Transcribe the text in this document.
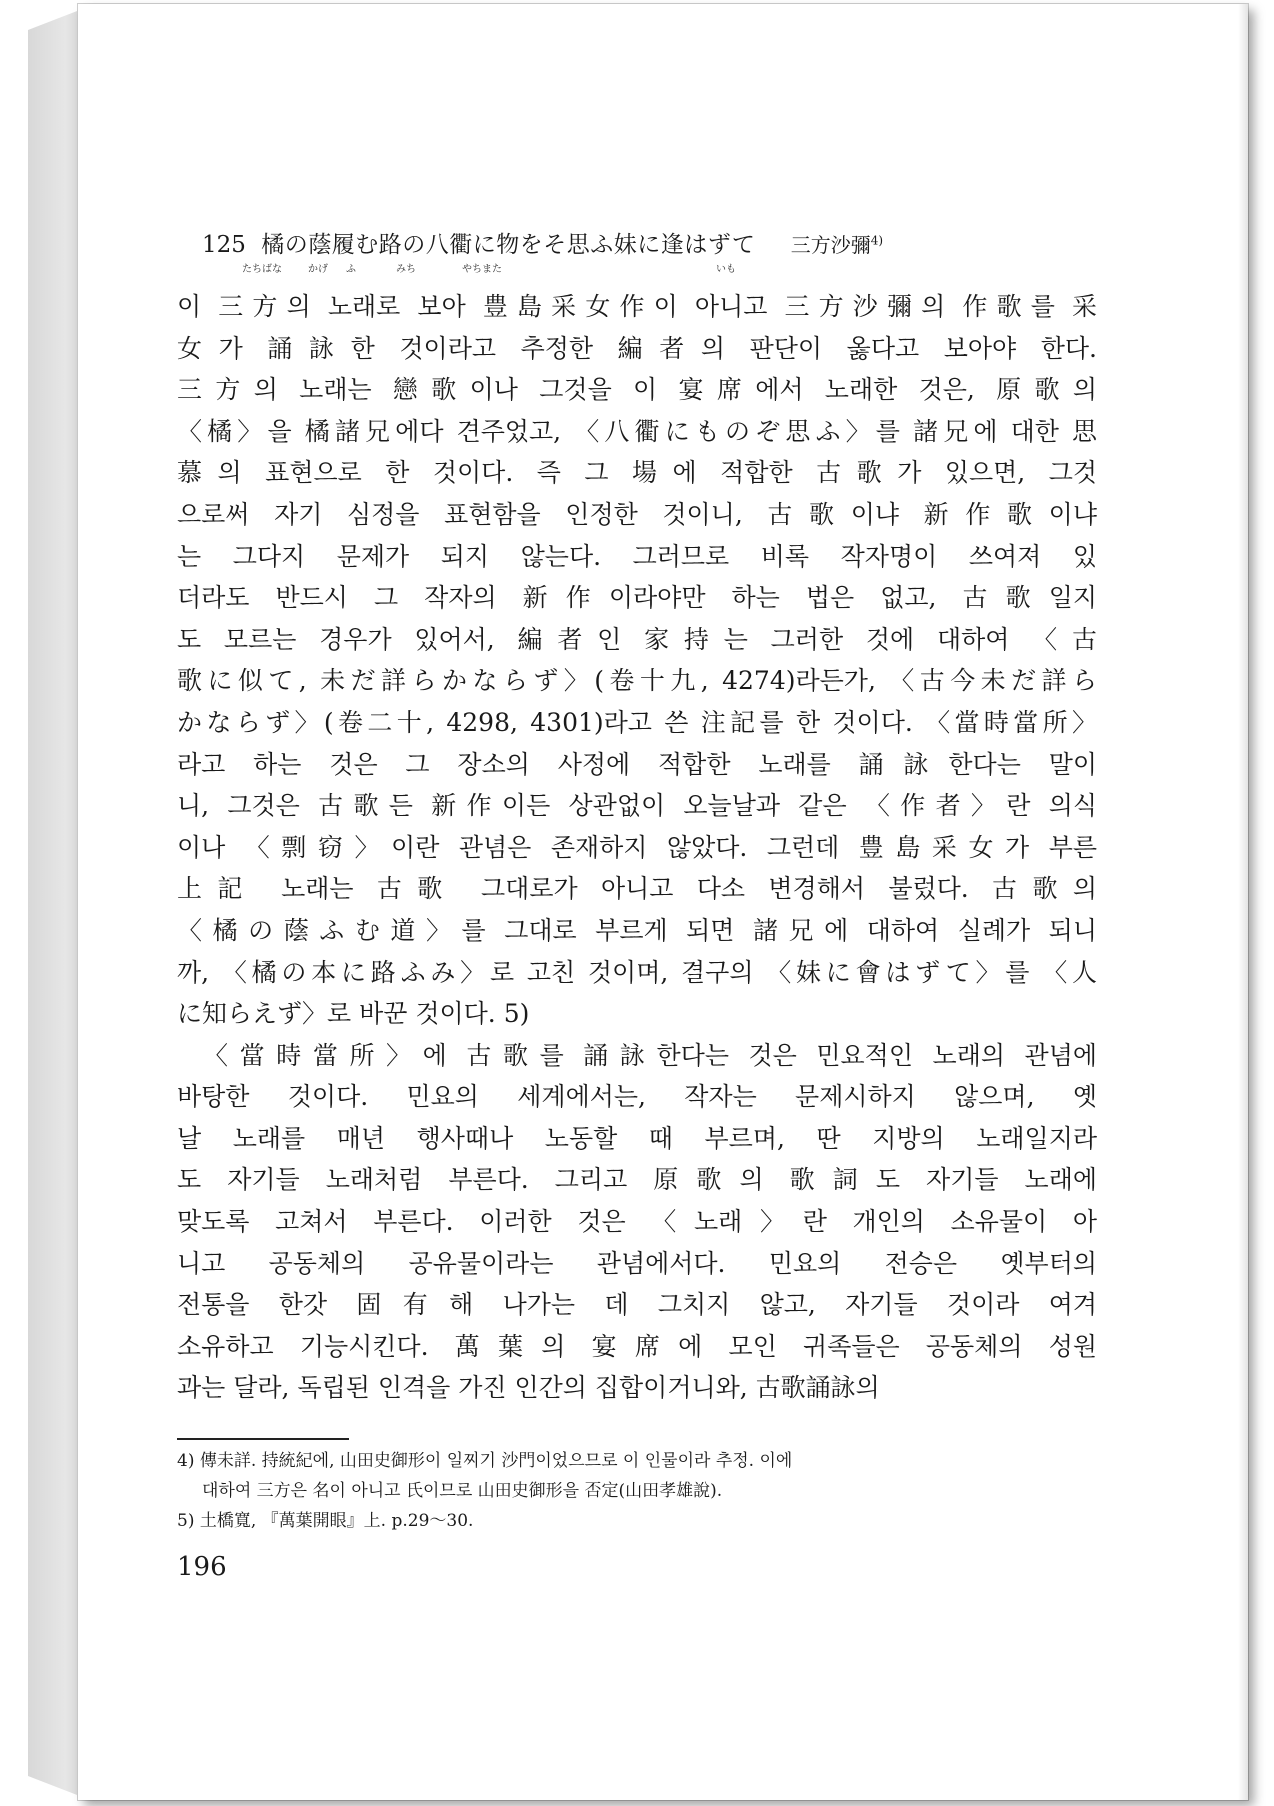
125 橘の蔭履む路の八衢に物をそ思ふ妹に逢はずて 三方沙彌$^{4)}$
たちばな	かげ ふ	みち	やちまた	いも
이 三方의 노래로 보아 豊島采女作이 아니고 三方沙彌의 作歌를 采
女가 誦詠한 것이라고 추정한 編者의 판단이 옳다고 보아야 한다.
三方의 노래는 戀歌이나 그것을 이 宴席에서 노래한 것은, 原歌의
〈橘〉을 橘諸兄에다 견주었고, 〈八衢にものぞ思ふ〉를 諸兄에 대한 思
慕의 표현으로 한 것이다. 즉 그 場에 적합한 古歌가 있으면, 그것
으로써 자기 심정을 표현함을 인정한 것이니, 古歌이냐 新作歌이냐
는 그다지 문제가 되지 않는다. 그러므로 비록 작자명이 쓰여져 있
더라도 반드시 그 작자의 新作이라야만 하는 법은 없고, 古歌일지
도 모르는 경우가 있어서, 編者인 家持는 그러한 것에 대하여 〈古
歌に似て, 未だ詳らかならず〉(卷十九, 4274)라든가, 〈古今未だ詳ら
かならず〉(卷二十, 4298, 4301)라고 쓴 注記를 한 것이다. 〈當時當所〉
라고 하는 것은 그 장소의 사정에 적합한 노래를 誦詠한다는 말이
니, 그것은 古歌든 新作이든 상관없이 오늘날과 같은 〈作者〉란 의식
이나 〈剽窃〉이란 관념은 존재하지 않았다. 그런데 豊島采女가 부른
上記 노래는 古歌 그대로가 아니고 다소 변경해서 불렀다. 古歌의
〈橘の蔭ふむ道〉를 그대로 부르게 되면 諸兄에 대하여 실례가 되니
까, 〈橘の本に路ふみ〉로 고친 것이며, 결구의 〈妹に會はずて〉를 〈人
に知らえず〉로 바꾼 것이다. 5)
〈當時當所〉에 古歌를 誦詠한다는 것은 민요적인 노래의 관념에
바탕한 것이다. 민요의 세계에서는, 작자는 문제시하지 않으며, 옛
날 노래를 매년 행사때나 노동할 때 부르며, 딴 지방의 노래일지라
도 자기들 노래처럼 부른다. 그리고 原歌의 歌詞도 자기들 노래에
맞도록 고쳐서 부른다. 이러한 것은 〈노래〉란 개인의 소유물이 아
니고 공동체의 공유물이라는 관념에서다. 민요의 전승은 옛부터의
전통을 한갓 固有해 나가는 데 그치지 않고, 자기들 것이라 여겨
소유하고 기능시킨다. 萬葉의 宴席에 모인 귀족들은 공동체의 성원
과는 달라, 독립된 인격을 가진 인간의 집합이거니와, 古歌誦詠의
4) 傳未詳. 持統紀에, 山田史御形이 일찌기 沙門이었으므로 이 인물이라 추정. 이에
대하여 三方은 名이 아니고 氏이므로 山田史御形을 否定(山田孝雄說).
5) 土橋寬, 『萬葉開眼』上. p.29～30.
196
